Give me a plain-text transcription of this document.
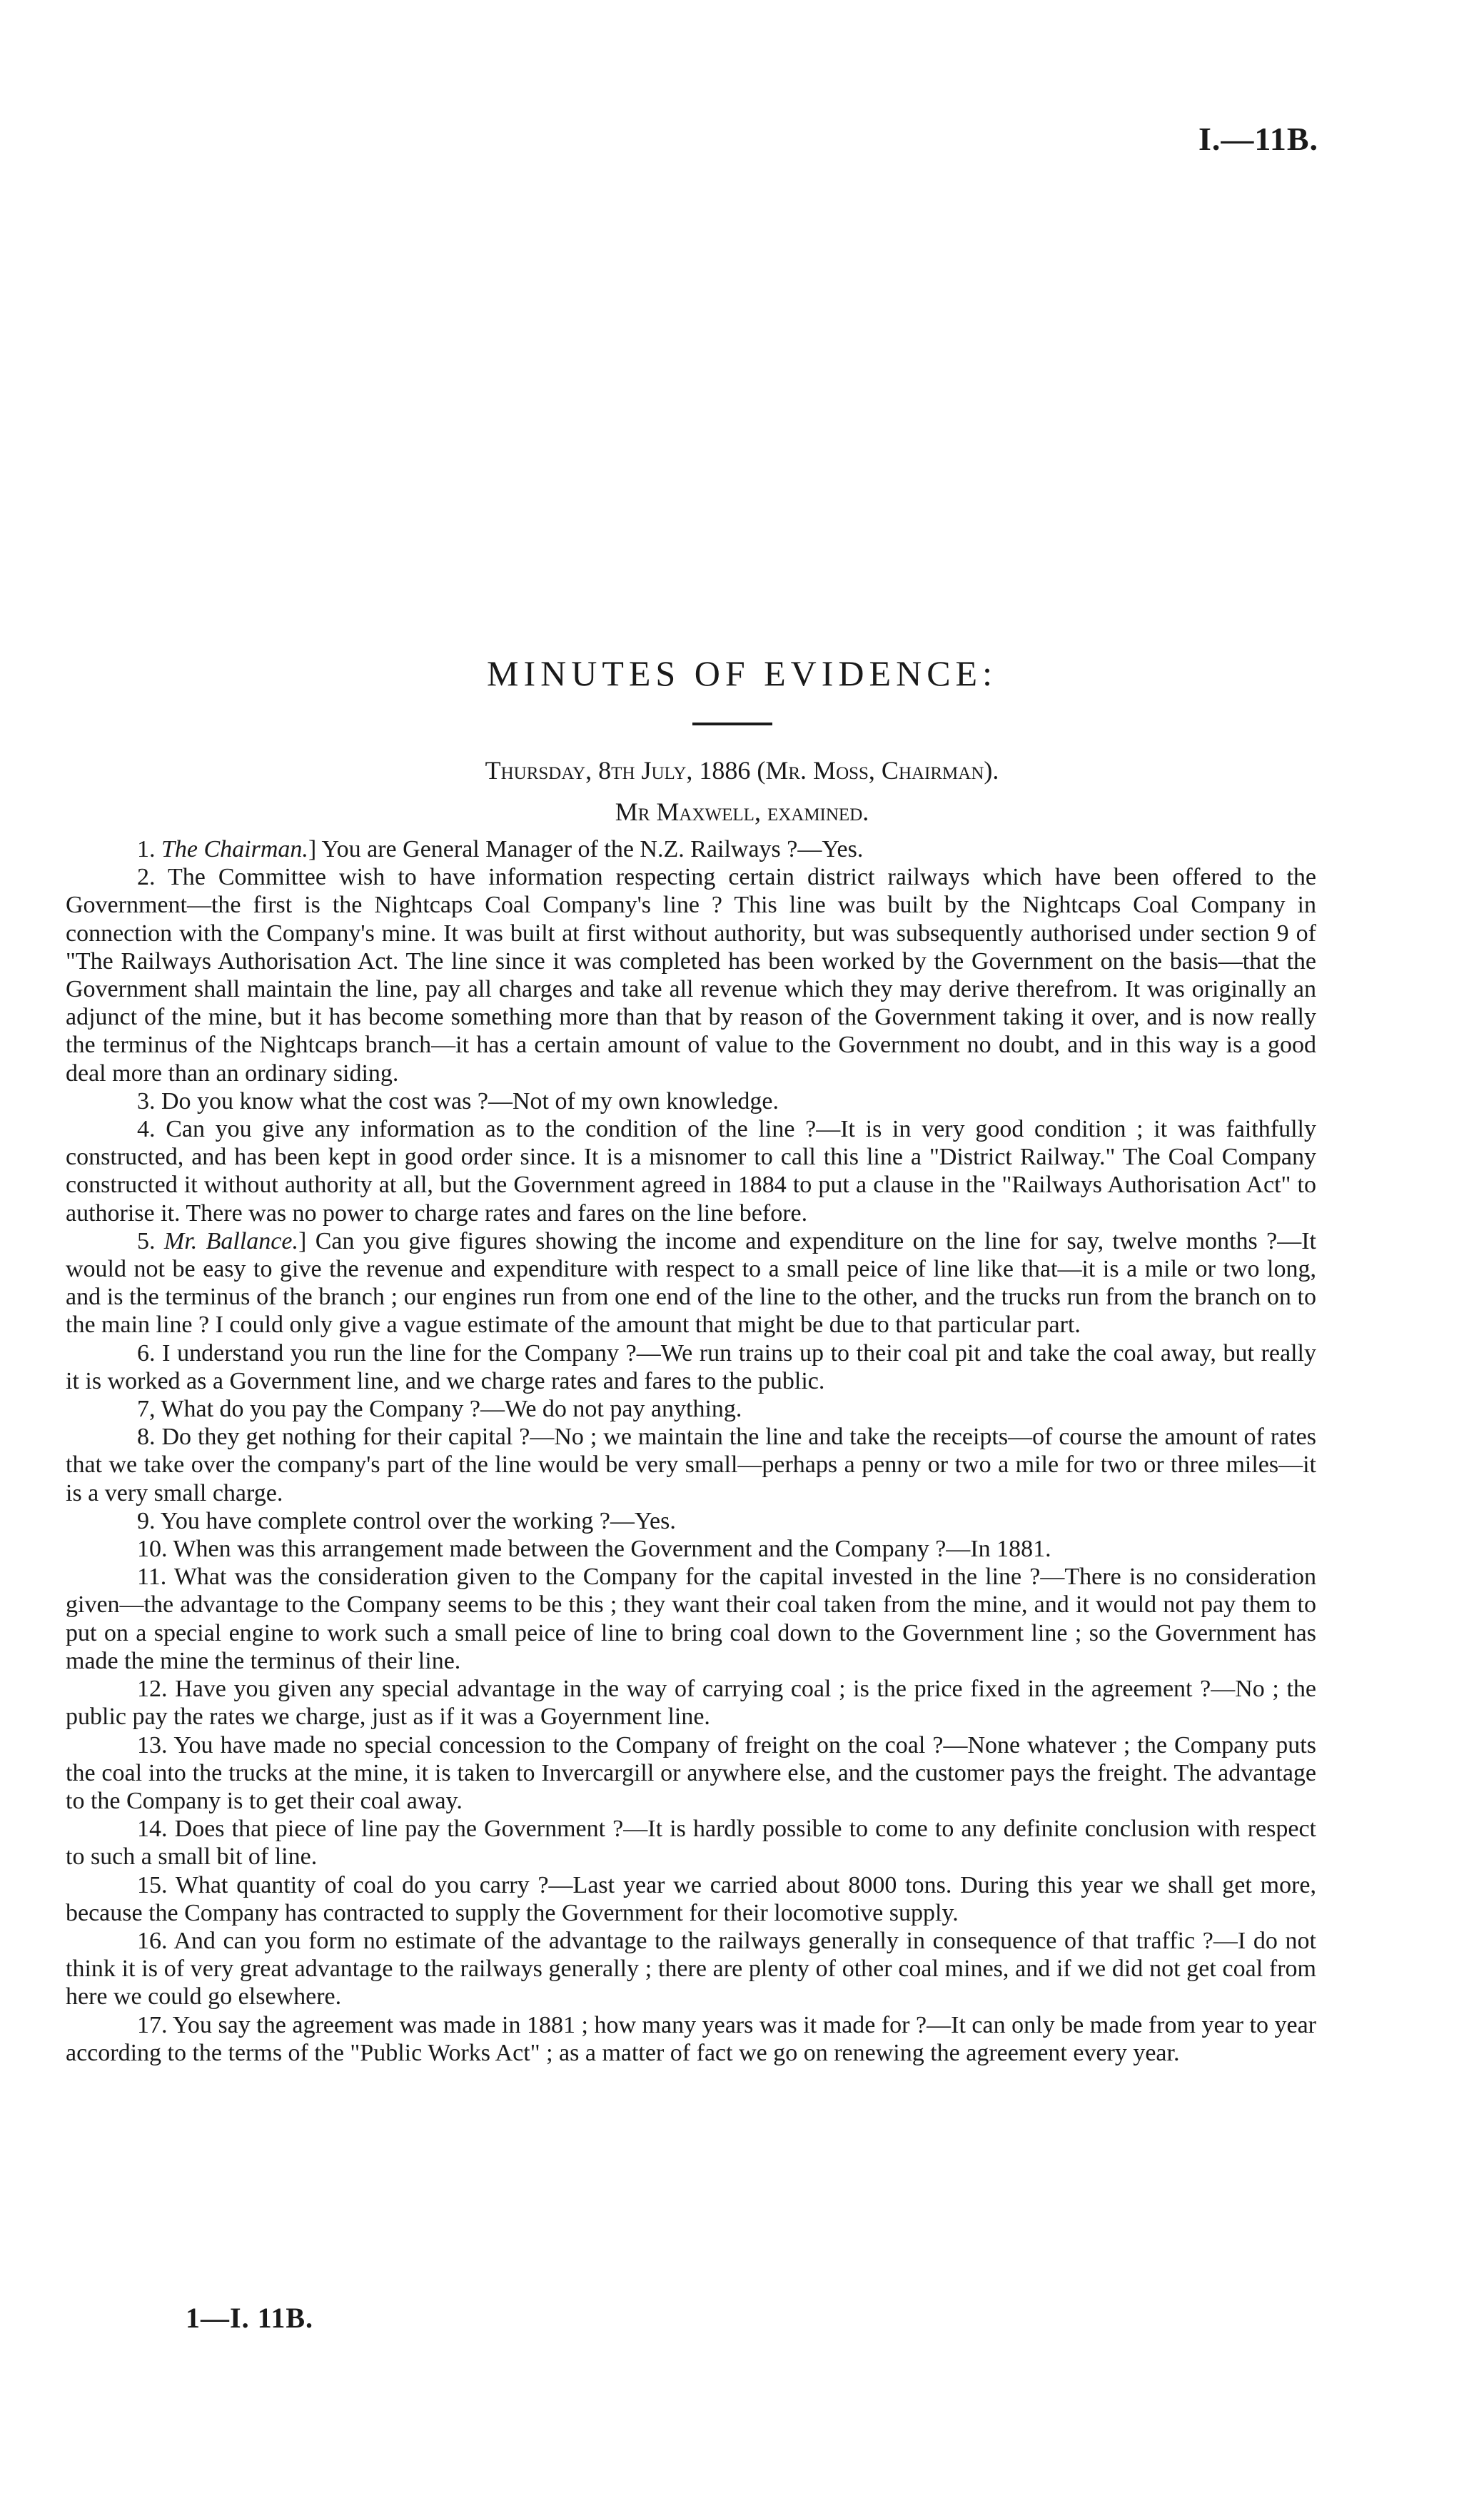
I.—11B.
MINUTES OF EVIDENCE:
Thursday, 8th July, 1886 (Mr. Moss, Chairman).
Mr Maxwell, examined.

1. The Chairman.] You are General Manager of the N.Z. Railways ?—Yes.

2. The Committee wish to have information respecting certain district railways which have been offered to the Government—the first is the Nightcaps Coal Company's line ? This line was built by the Nightcaps Coal Company in connection with the Company's mine. It was built at first without authority, but was subsequently authorised under section 9 of "The Railways Authorisation Act. The line since it was completed has been worked by the Government on the basis—that the Government shall maintain the line, pay all charges and take all revenue which they may derive therefrom. It was originally an adjunct of the mine, but it has become something more than that by reason of the Government taking it over, and is now really the terminus of the Nightcaps branch—it has a certain amount of value to the Government no doubt, and in this way is a good deal more than an ordinary siding.

3. Do you know what the cost was ?—Not of my own knowledge.

4. Can you give any information as to the condition of the line ?—It is in very good condition ; it was faithfully constructed, and has been kept in good order since. It is a misnomer to call this line a "District Railway." The Coal Company constructed it without authority at all, but the Government agreed in 1884 to put a clause in the "Railways Authorisation Act" to authorise it. There was no power to charge rates and fares on the line before.

5. Mr. Ballance.] Can you give figures showing the income and expenditure on the line for say, twelve months ?—It would not be easy to give the revenue and expenditure with respect to a small peice of line like that—it is a mile or two long, and is the terminus of the branch ; our engines run from one end of the line to the other, and the trucks run from the branch on to the main line ? I could only give a vague estimate of the amount that might be due to that particular part.

6. I understand you run the line for the Company ?—We run trains up to their coal pit and take the coal away, but really it is worked as a Government line, and we charge rates and fares to the public.

7, What do you pay the Company ?—We do not pay anything.

8. Do they get nothing for their capital ?—No ; we maintain the line and take the receipts—of course the amount of rates that we take over the company's part of the line would be very small—perhaps a penny or two a mile for two or three miles—it is a very small charge.

9. You have complete control over the working ?—Yes.

10. When was this arrangement made between the Government and the Company ?—In 1881.

11. What was the consideration given to the Company for the capital invested in the line ?—There is no consideration given—the advantage to the Company seems to be this ; they want their coal taken from the mine, and it would not pay them to put on a special engine to work such a small peice of line to bring coal down to the Government line ; so the Government has made the mine the terminus of their line.

12. Have you given any special advantage in the way of carrying coal ; is the price fixed in the agreement ?—No ; the public pay the rates we charge, just as if it was a Goyernment line.

13. You have made no special concession to the Company of freight on the coal ?—None whatever ; the Company puts the coal into the trucks at the mine, it is taken to Invercargill or anywhere else, and the customer pays the freight. The advantage to the Company is to get their coal away.

14. Does that piece of line pay the Government ?—It is hardly possible to come to any definite conclusion with respect to such a small bit of line.

15. What quantity of coal do you carry ?—Last year we carried about 8000 tons. During this year we shall get more, because the Company has contracted to supply the Government for their locomotive supply.

16. And can you form no estimate of the advantage to the railways generally in consequence of that traffic ?—I do not think it is of very great advantage to the railways generally ; there are plenty of other coal mines, and if we did not get coal from here we could go elsewhere.

17. You say the agreement was made in 1881 ; how many years was it made for ?—It can only be made from year to year according to the terms of the "Public Works Act" ; as a matter of fact we go on renewing the agreement every year.

1—I. 11B.
